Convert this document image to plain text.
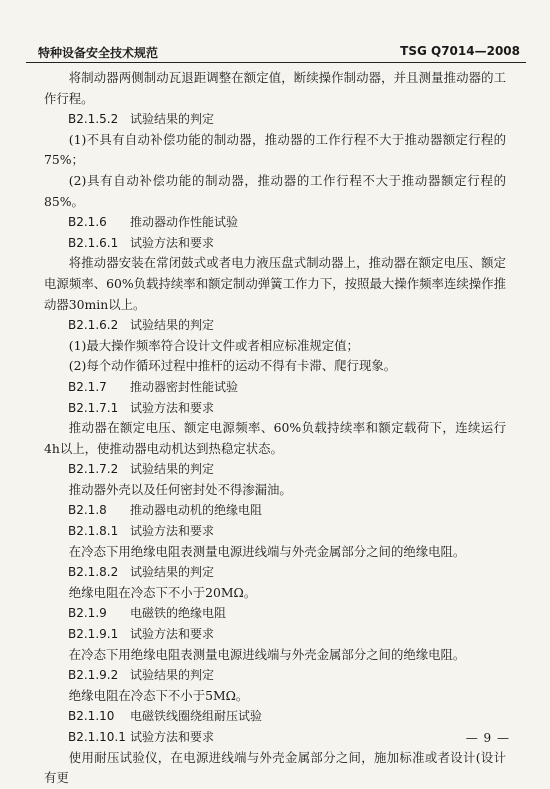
特种设备安全技术规范	TSG Q7014—2008
将制动器两侧制动瓦退距调整在额定值，断续操作制动器，并且测量推动器的工作行程。
B2.1.5.2 试验结果的判定
(1)不具有自动补偿功能的制动器，推动器的工作行程不大于推动器额定行程的75%；
(2)具有自动补偿功能的制动器，推动器的工作行程不大于推动器额定行程的85%。
B2.1.6 推动器动作性能试验
B2.1.6.1 试验方法和要求
将推动器安装在常闭鼓式或者电力液压盘式制动器上，推动器在额定电压、额定电源频率、60%负载持续率和额定制动弹簧工作力下，按照最大操作频率连续操作推动器30min以上。
B2.1.6.2 试验结果的判定
(1)最大操作频率符合设计文件或者相应标准规定值；
(2)每个动作循环过程中推杆的运动不得有卡滞、爬行现象。
B2.1.7 推动器密封性能试验
B2.1.7.1 试验方法和要求
推动器在额定电压、额定电源频率、60%负载持续率和额定载荷下，连续运行4h以上，使推动器电动机达到热稳定状态。
B2.1.7.2 试验结果的判定
推动器外壳以及任何密封处不得渗漏油。
B2.1.8 推动器电动机的绝缘电阻
B2.1.8.1 试验方法和要求
在冷态下用绝缘电阻表测量电源进线端与外壳金属部分之间的绝缘电阻。
B2.1.8.2 试验结果的判定
绝缘电阻在冷态下不小于20MΩ。
B2.1.9 电磁铁的绝缘电阻
B2.1.9.1 试验方法和要求
在冷态下用绝缘电阻表测量电源进线端与外壳金属部分之间的绝缘电阻。
B2.1.9.2 试验结果的判定
绝缘电阻在冷态下不小于5MΩ。
B2.1.10 电磁铁线圈绕组耐压试验
B2.1.10.1 试验方法和要求
使用耐压试验仪，在电源进线端与外壳金属部分之间，施加标准或者设计(设计有更
— 9 —
